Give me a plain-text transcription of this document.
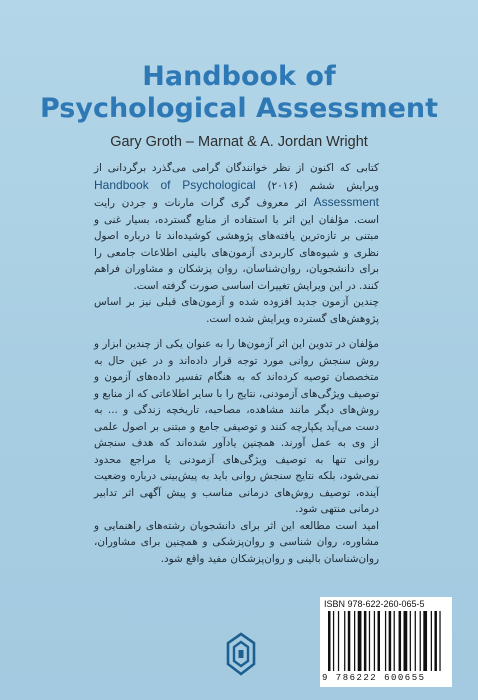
Handbook of
Psychological Assessment

Gary Groth – Marnat & A. Jordan Wright

کتابی که اکنون از نظر خوانندگان گرامی می‌گذرد برگردانی از ویرایش ششم (۲۰۱۶) Handbook of Psychological Assessment اثر معروف گری گرات مارنات و جردن رایت است. مؤلفان این اثر با استفاده از منابع گسترده، بسیار غنی و مبتنی بر تازه‌ترین یافته‌های پژوهشی کوشیده‌اند تا درباره اصول نظری و شیوه‌های کاربردی آزمون‌های بالینی اطلاعات جامعی را برای دانشجویان، روان‌شناسان، روان پزشکان و مشاوران فراهم کنند. در این ویرایش تغییرات اساسی صورت گرفته است.

چندین آزمون جدید افزوده شده و آزمون‌های قبلی نیز بر اساس پژوهش‌های گسترده ویرایش شده است.

مؤلفان در تدوین این اثر آزمون‌ها را به عنوان یکی از چندین ابزار و روش سنجش روانی مورد توجه قرار داده‌اند و در عین حال به متخصصان توصیه کرده‌اند که به هنگام تفسیر داده‌های آزمون و توصیف ویژگی‌های آزمودنی، نتایج را با سایر اطلاعاتی که از منابع و روش‌های دیگر مانند مشاهده، مصاحبه، تاریخچه زندگی و ... به دست می‌آید یکپارچه کنند و توصیفی جامع و مبتنی بر اصول علمی از وی به عمل آورند. همچنین یادآور شده‌اند که هدف سنجش روانی تنها به توصیف ویژگی‌های آزمودنی یا مراجع محدود نمی‌شود، بلکه نتایج سنجش روانی باید به پیش‌بینی درباره وضعیت آینده، توصیف روش‌های درمانی مناسب و پیش آگهی اثر تدابیر درمانی منتهی شود.

امید است مطالعه این اثر برای دانشجویان رشته‌های راهنمایی و مشاوره، روان شناسی و روان‌پزشکی و همچنین برای مشاوران، روان‌شناسان بالینی و روان‌پزشکان مفید واقع شود.

ISBN 978-622-260-065-5

9 786222 600655
